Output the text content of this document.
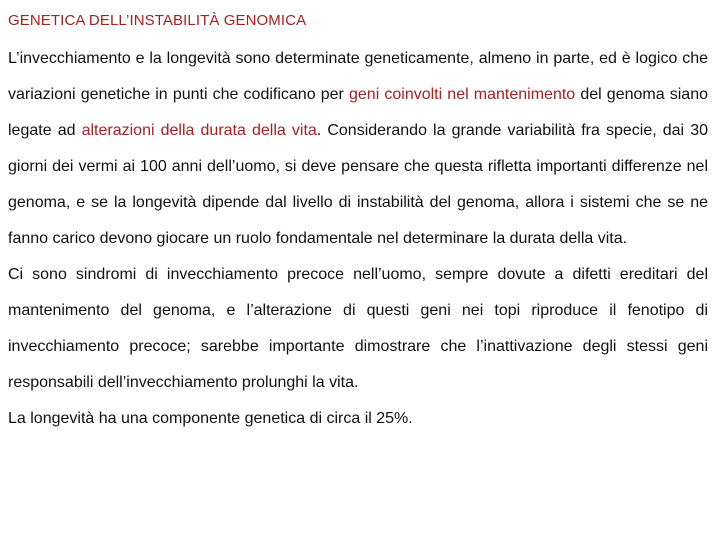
GENETICA DELL’INSTABILITÀ GENOMICA

L’invecchiamento e la longevità sono determinate geneticamente, almeno in parte, ed è logico che variazioni genetiche in punti che codificano per geni coinvolti nel mantenimento del genoma siano legate ad alterazioni della durata della vita. Considerando la grande variabilità fra specie, dai 30 giorni dei vermi ai 100 anni dell’uomo, si deve pensare che questa rifletta importanti differenze nel genoma, e se la longevità dipende dal livello di instabilità del genoma, allora i sistemi che se ne fanno carico devono giocare un ruolo fondamentale nel determinare la durata della vita.

Ci sono sindromi di invecchiamento precoce nell’uomo, sempre dovute a difetti ereditari del mantenimento del genoma, e l’alterazione di questi geni nei topi riproduce il fenotipo di invecchiamento precoce; sarebbe importante dimostrare che l’inattivazione degli stessi geni responsabili dell’invecchiamento prolunghi la vita.

La longevità ha una componente genetica di circa il 25%.
